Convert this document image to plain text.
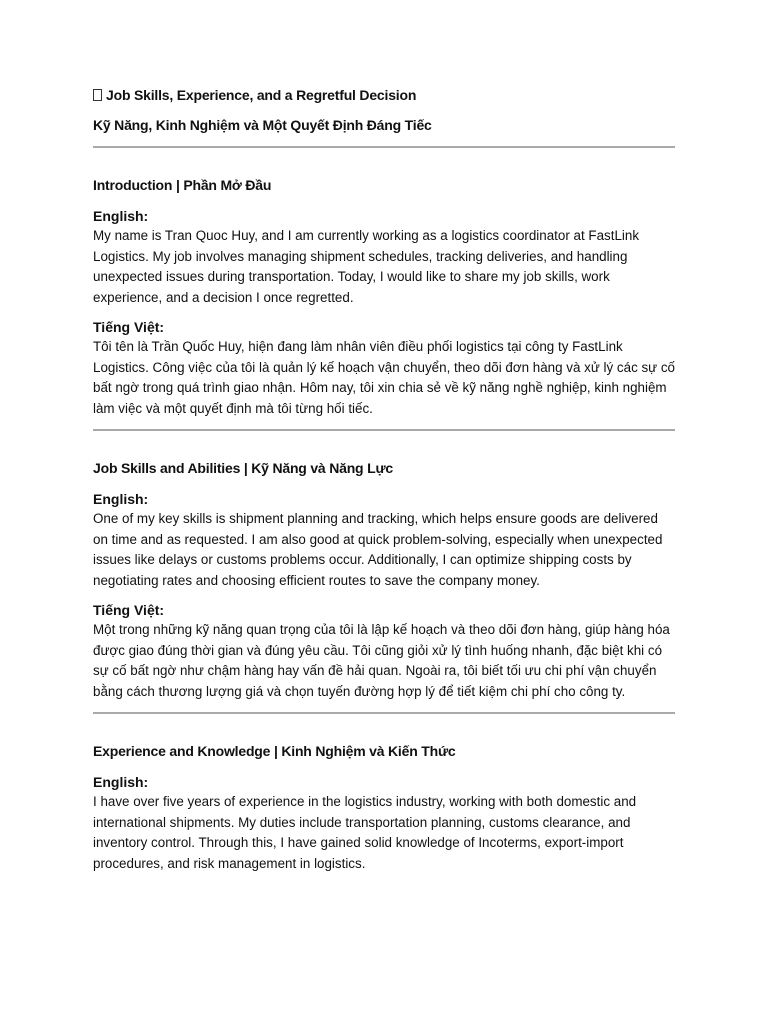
Job Skills, Experience, and a Regretful Decision

Kỹ Năng, Kinh Nghiệm và Một Quyết Định Đáng Tiếc

Introduction | Phần Mở Đầu

English:

My name is Tran Quoc Huy, and I am currently working as a logistics coordinator at FastLink Logistics. My job involves managing shipment schedules, tracking deliveries, and handling unexpected issues during transportation. Today, I would like to share my job skills, work experience, and a decision I once regretted.

Tiếng Việt:

Tôi tên là Trần Quốc Huy, hiện đang làm nhân viên điều phối logistics tại công ty FastLink Logistics. Công việc của tôi là quản lý kế hoạch vận chuyển, theo dõi đơn hàng và xử lý các sự cố bất ngờ trong quá trình giao nhận. Hôm nay, tôi xin chia sẻ về kỹ năng nghề nghiệp, kinh nghiệm làm việc và một quyết định mà tôi từng hối tiếc.

Job Skills and Abilities | Kỹ Năng và Năng Lực

English:

One of my key skills is shipment planning and tracking, which helps ensure goods are delivered on time and as requested. I am also good at quick problem-solving, especially when unexpected issues like delays or customs problems occur. Additionally, I can optimize shipping costs by negotiating rates and choosing efficient routes to save the company money.

Tiếng Việt:

Một trong những kỹ năng quan trọng của tôi là lập kế hoạch và theo dõi đơn hàng, giúp hàng hóa được giao đúng thời gian và đúng yêu cầu. Tôi cũng giỏi xử lý tình huống nhanh, đặc biệt khi có sự cố bất ngờ như chậm hàng hay vấn đề hải quan. Ngoài ra, tôi biết tối ưu chi phí vận chuyển bằng cách thương lượng giá và chọn tuyến đường hợp lý để tiết kiệm chi phí cho công ty.

Experience and Knowledge | Kinh Nghiệm và Kiến Thức

English:

I have over five years of experience in the logistics industry, working with both domestic and international shipments. My duties include transportation planning, customs clearance, and inventory control. Through this, I have gained solid knowledge of Incoterms, export-import procedures, and risk management in logistics.
